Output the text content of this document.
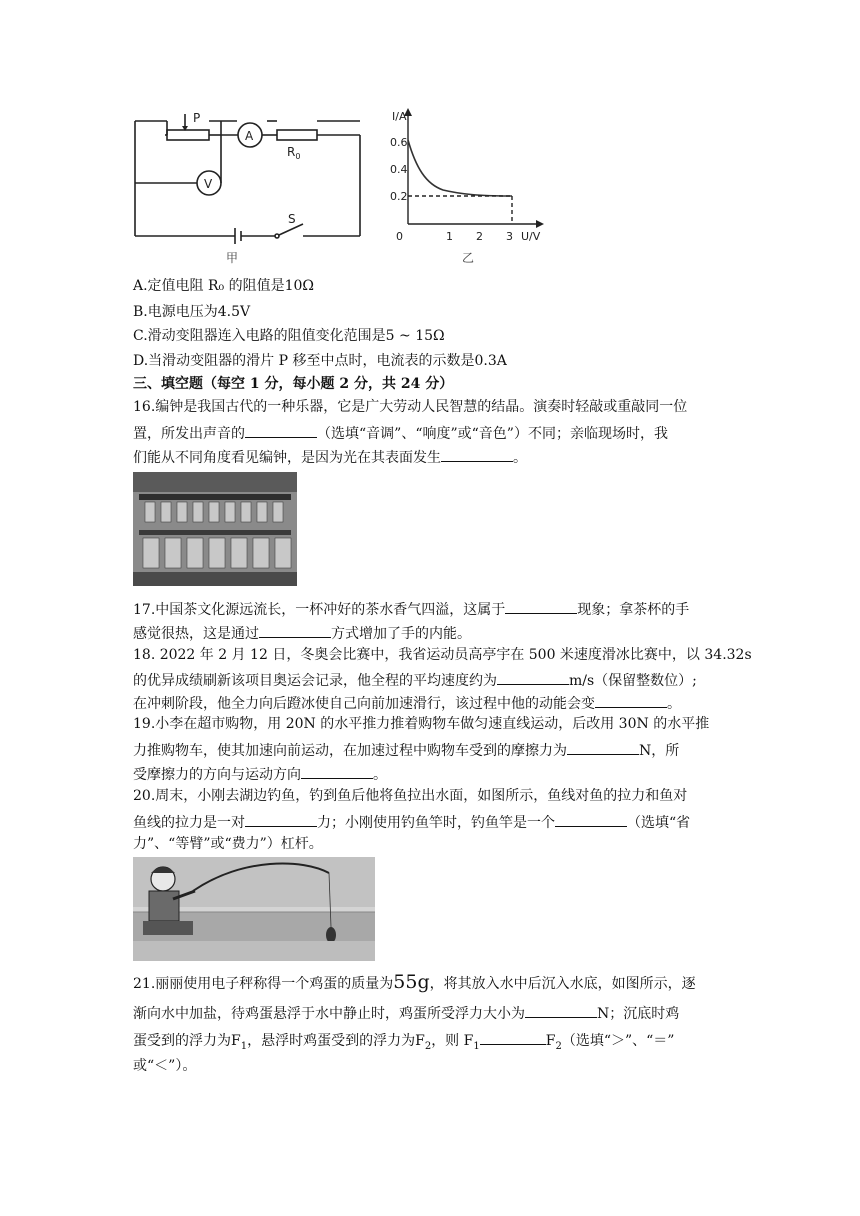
P
A
V
$R_0$
S
甲
I/A
U/V
0.6
0.4
0.2
0	1 2 3
乙
A.定值电阻 R₀ 的阻值是10Ω
B.电源电压为4.5V
C.滑动变阻器连入电路的阻值变化范围是5 ~ 15Ω
D.当滑动变阻器的滑片 P 移至中点时，电流表的示数是0.3A
三、填空题（每空 1 分，每小题 2 分，共 24 分）
16.编钟是我国古代的一种乐器，它是广大劳动人民智慧的结晶。演奏时轻敲或重敲同一位
置，所发出声音的	（选填“音调”、“响度”或“音色”）不同；亲临现场时，我
们能从不同角度看见编钟，是因为光在其表面发生	。
17.中国茶文化源远流长，一杯冲好的茶水香气四溢，这属于	现象；拿茶杯的手
感觉很热，这是通过	方式增加了手的内能。
18. 2022 年 2 月 12 日，冬奥会比赛中，我省运动员高亭宇在 500 米速度滑冰比赛中，以 34.32s
的优异成绩刷新该项目奥运会记录，他全程的平均速度约为	m/s（保留整数位）;
在冲刺阶段，他全力向后蹬冰使自己向前加速滑行，该过程中他的动能会变	。
19.小李在超市购物，用 20N 的水平推力推着购物车做匀速直线运动，后改用 30N 的水平推
力推购物车，使其加速向前运动，在加速过程中购物车受到的摩擦力为	N，所
受摩擦力的方向与运动方向	。
20.周末，小刚去湖边钓鱼，钓到鱼后他将鱼拉出水面，如图所示，鱼线对鱼的拉力和鱼对
鱼线的拉力是一对	力；小刚使用钓鱼竿时，钓鱼竿是一个	（选填“省
力”、“等臂”或“费力”）杠杆。
21.丽丽使用电子秤称得一个鸡蛋的质量为55g，将其放入水中后沉入水底，如图所示，逐
渐向水中加盐，待鸡蛋悬浮于水中静止时，鸡蛋所受浮力大小为	N；沉底时鸡
蛋受到的浮力为$F_1$，悬浮时鸡蛋受到的浮力为$F_2$，则 $F_1$	$F_2$（选填“＞”、“＝”
或“＜”）。
